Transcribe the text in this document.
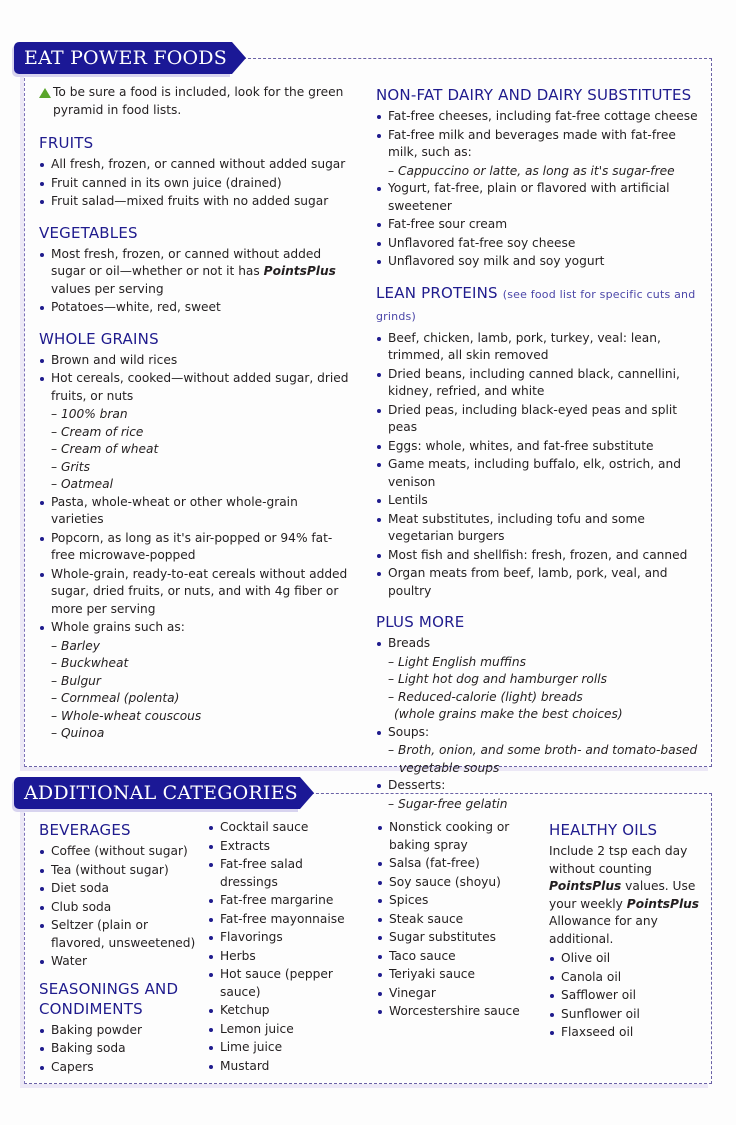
EAT POWER FOODS

To be sure a food is included, look for the green pyramid in food lists.

FRUITS
All fresh, frozen, or canned without added sugar
Fruit canned in its own juice (drained)
Fruit salad—mixed fruits with no added sugar
VEGETABLES
Most fresh, frozen, or canned without added sugar or oil—whether or not it has PointsPlus values per serving
Potatoes—white, red, sweet
WHOLE GRAINS
Brown and wild rices
Hot cereals, cooked—without added sugar, dried fruits, or nuts
– 100% bran
– Cream of rice
– Cream of wheat
– Grits
– Oatmeal
Pasta, whole-wheat or other whole-grain varieties
Popcorn, as long as it's air-popped or 94% fat-free microwave-popped
Whole-grain, ready-to-eat cereals without added sugar, dried fruits, or nuts, and with 4g fiber or more per serving
Whole grains such as:
– Barley
– Buckwheat
– Bulgur
– Cornmeal (polenta)
– Whole-wheat couscous
– Quinoa
NON-FAT DAIRY AND DAIRY SUBSTITUTES
Fat-free cheeses, including fat-free cottage cheese
Fat-free milk and beverages made with fat-free milk, such as:
– Cappuccino or latte, as long as it's sugar-free
Yogurt, fat-free, plain or flavored with artificial sweetener
Fat-free sour cream
Unflavored fat-free soy cheese
Unflavored soy milk and soy yogurt
LEAN PROTEINS (see food list for specific cuts and grinds)
Beef, chicken, lamb, pork, turkey, veal: lean, trimmed, all skin removed
Dried beans, including canned black, cannellini, kidney, refried, and white
Dried peas, including black-eyed peas and split peas
Eggs: whole, whites, and fat-free substitute
Game meats, including buffalo, elk, ostrich, and venison
Lentils
Meat substitutes, including tofu and some vegetarian burgers
Most fish and shellfish: fresh, frozen, and canned
Organ meats from beef, lamb, pork, veal, and poultry
PLUS MORE
Breads
– Light English muffins
– Light hot dog and hamburger rolls
– Reduced-calorie (light) breads
(whole grains make the best choices)
Soups:
– Broth, onion, and some broth- and tomato-based vegetable soups
Desserts:
– Sugar-free gelatin
ADDITIONAL CATEGORIES
BEVERAGES
Coffee (without sugar)
Tea (without sugar)
Diet soda
Club soda
Seltzer (plain or flavored, unsweetened)
Water
SEASONINGS AND CONDIMENTS
Baking powder
Baking soda
Capers
Cocktail sauce
Extracts
Fat-free salad dressings
Fat-free margarine
Fat-free mayonnaise
Flavorings
Herbs
Hot sauce (pepper sauce)
Ketchup
Lemon juice
Lime juice
Mustard
Nonstick cooking or baking spray
Salsa (fat-free)
Soy sauce (shoyu)
Spices
Steak sauce
Sugar substitutes
Taco sauce
Teriyaki sauce
Vinegar
Worcestershire sauce
HEALTHY OILS

Include 2 tsp each day without counting PointsPlus values. Use your weekly PointsPlus Allowance for any additional.

Olive oil
Canola oil
Safflower oil
Sunflower oil
Flaxseed oil
